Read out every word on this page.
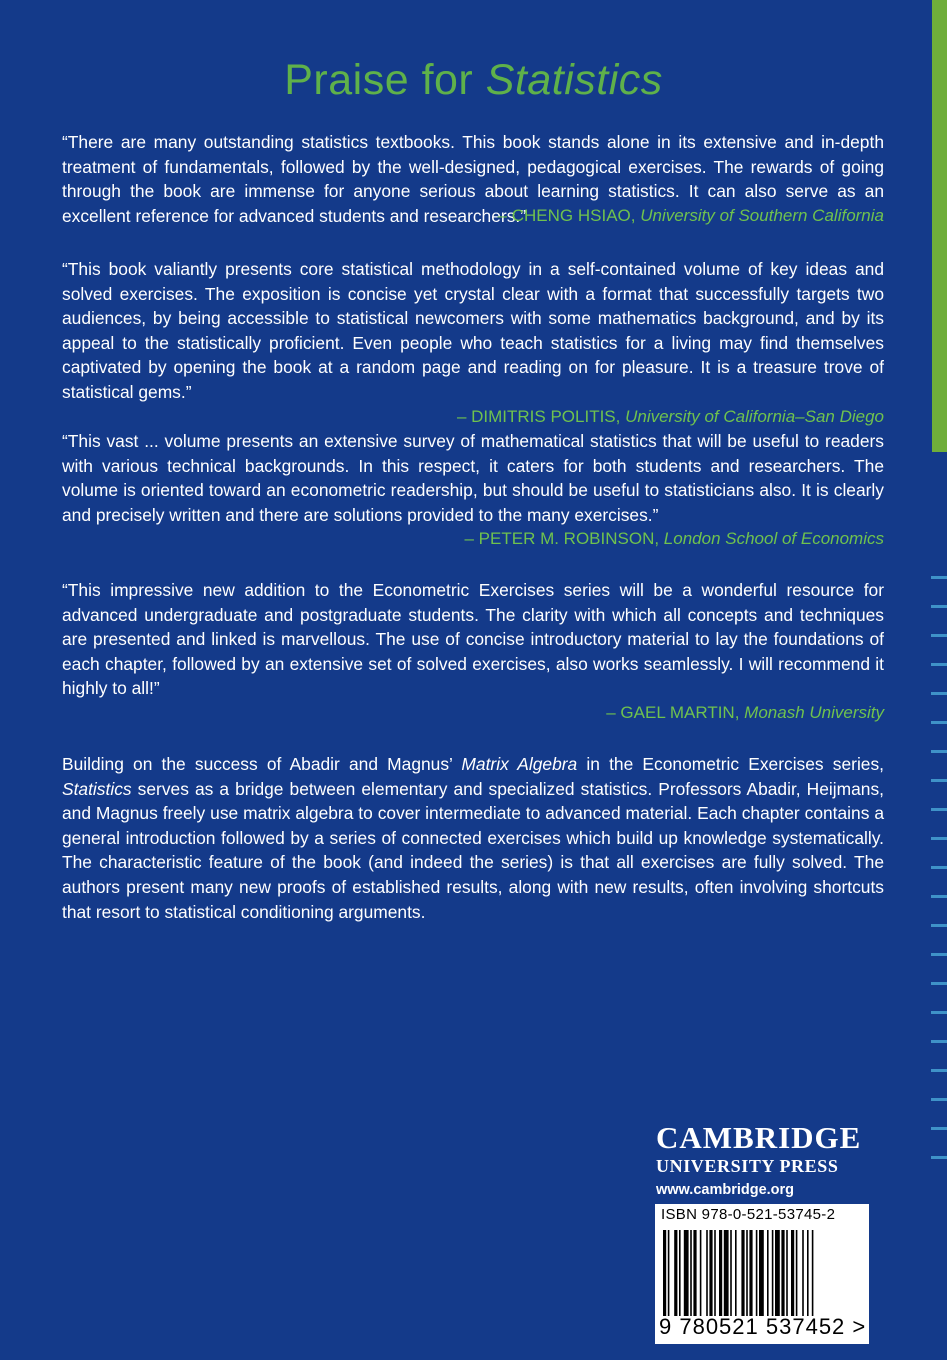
Praise for Statistics
“There are many outstanding statistics textbooks. This book stands alone in its extensive and in-depth treatment of fundamentals, followed by the well-designed, pedagogical exercises. The rewards of going through the book are immense for anyone serious about learning statistics. It can also serve as an excellent reference for advanced students and researchers.”
– CHENG HSIAO, University of Southern California
“This book valiantly presents core statistical methodology in a self-contained volume of key ideas and solved exercises. The exposition is concise yet crystal clear with a format that successfully targets two audiences, by being accessible to statistical newcomers with some mathematics background, and by its appeal to the statistically proficient. Even people who teach statistics for a living may find themselves captivated by opening the book at a random page and reading on for pleasure. It is a treasure trove of statistical gems.”
– DIMITRIS POLITIS, University of California–San Diego
“This vast ... volume presents an extensive survey of mathematical statistics that will be useful to readers with various technical backgrounds. In this respect, it caters for both students and researchers. The volume is oriented toward an econometric readership, but should be useful to statisticians also. It is clearly and precisely written and there are solutions provided to the many exercises.”
– PETER M. ROBINSON, London School of Economics
“This impressive new addition to the Econometric Exercises series will be a wonderful resource for advanced undergraduate and postgraduate students. The clarity with which all concepts and techniques are presented and linked is marvellous. The use of concise introductory material to lay the foundations of each chapter, followed by an extensive set of solved exercises, also works seamlessly. I will recommend it highly to all!”
– GAEL MARTIN, Monash University
Building on the success of Abadir and Magnus’ Matrix Algebra in the Econometric Exercises series, Statistics serves as a bridge between elementary and specialized statistics. Professors Abadir, Heijmans, and Magnus freely use matrix algebra to cover intermediate to advanced material. Each chapter contains a general introduction followed by a series of connected exercises which build up knowledge systematically. The characteristic feature of the book (and indeed the series) is that all exercises are fully solved. The authors present many new proofs of established results, along with new results, often involving shortcuts that resort to statistical conditioning arguments.
CAMBRIDGE
UNIVERSITY PRESS
www.cambridge.org
ISBN 978-0-521-53745-2
9 780521 537452 >
